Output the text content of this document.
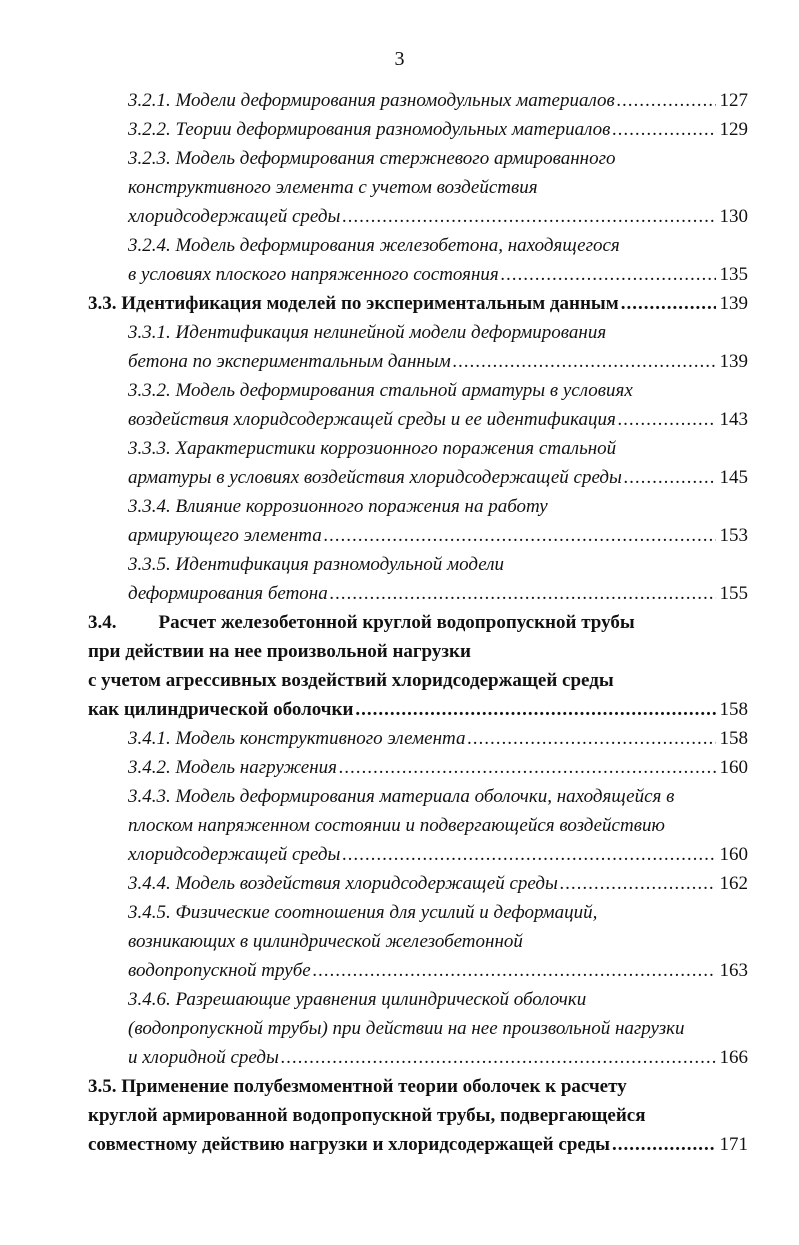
3
3.2.1. Модели деформирования разномодульных материалов .....	127
3.2.2. Теории деформирования разномодульных материалов .....	129
3.2.3. Модель деформирования стержневого армированного
конструктивного элемента с учетом воздействия
хлоридсодержащей среды .....	130
3.2.4. Модель деформирования железобетона, находящегося
в условиях плоского напряженного состояния .....	135
3.3. Идентификация моделей по экспериментальным данным .....	139
3.3.1. Идентификация нелинейной модели деформирования
бетона по экспериментальным данным .....	139
3.3.2. Модель деформирования стальной арматуры в условиях
воздействия хлоридсодержащей среды и ее идентификация .....	143
3.3.3. Характеристики коррозионного поражения стальной
арматуры в условиях воздействия хлоридсодержащей среды .....	145
3.3.4. Влияние коррозионного поражения на работу
армирующего элемента .....	153
3.3.5. Идентификация разномодульной модели
деформирования бетона .....	155
3.4. Расчет железобетонной круглой водопропускной трубы
при действии на нее произвольной нагрузки
с учетом агрессивных воздействий хлоридсодержащей среды
как цилиндрической оболочки .....	158
3.4.1. Модель конструктивного элемента .....	158
3.4.2. Модель нагружения .....	160
3.4.3. Модель деформирования материала оболочки, находящейся в
плоском напряженном состоянии и подвергающейся воздействию
хлоридсодержащей среды .....	160
3.4.4. Модель воздействия хлоридсодержащей среды .....	162
3.4.5. Физические соотношения для усилий и деформаций,
возникающих в цилиндрической железобетонной
водопропускной трубе .....	163
3.4.6. Разрешающие уравнения цилиндрической оболочки
(водопропускной трубы) при действии на нее произвольной нагрузки
и хлоридной среды .....	166
3.5. Применение полубезмоментной теории оболочек к расчету
круглой армированной водопропускной трубы, подвергающейся
совместному действию нагрузки и хлоридсодержащей среды .....	171
